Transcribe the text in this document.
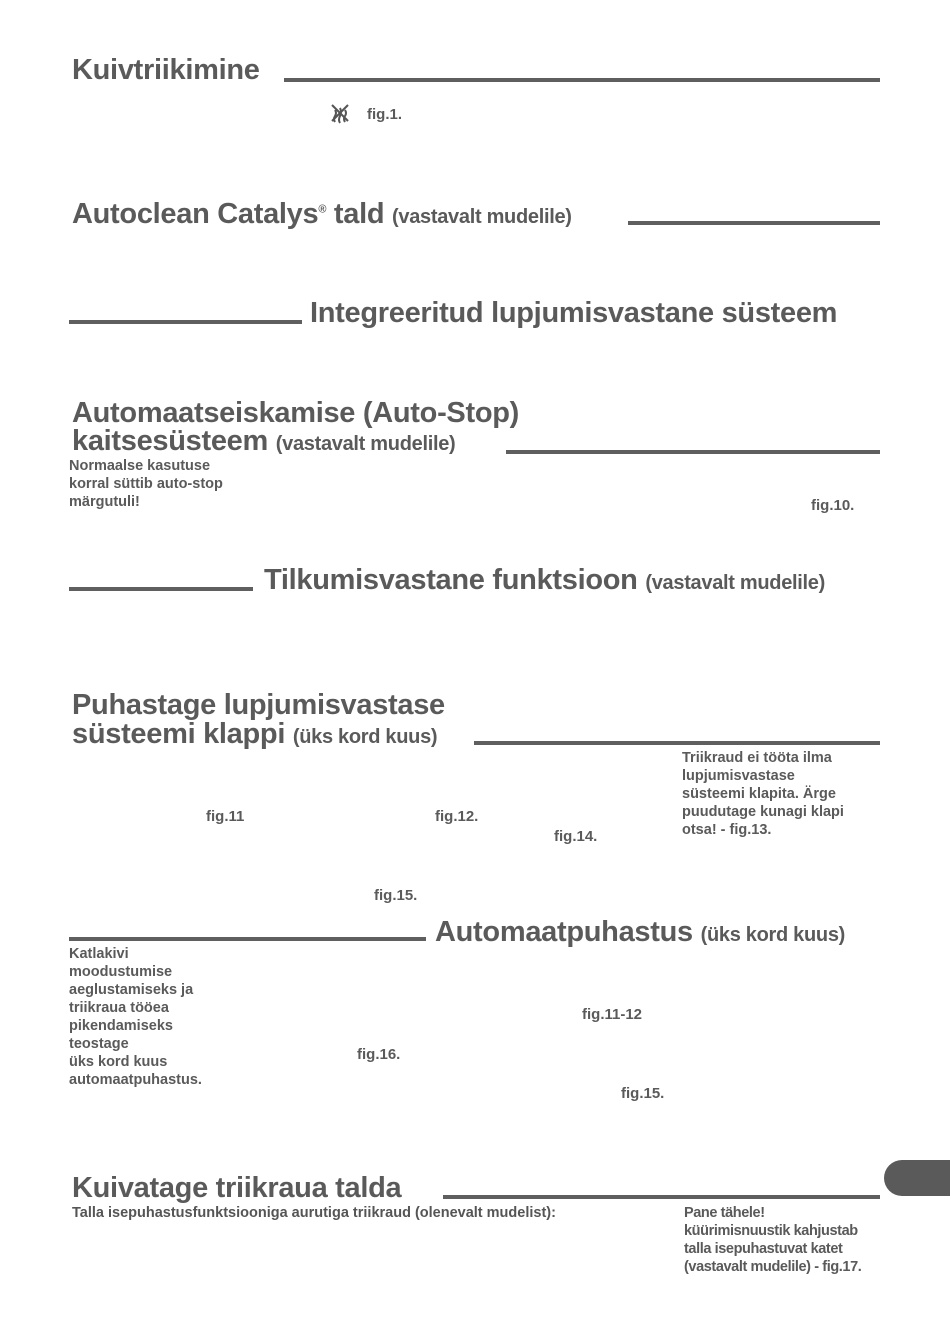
Kuivtriikimine
fig.1.
Autoclean Catalys® tald (vastavalt mudelile)
Integreeritud lupjumisvastane süsteem
Automaatseiskamise (Auto-Stop)
kaitsesüsteem (vastavalt mudelile)
Normaalse kasutuse
korral süttib auto-stop
märgutuli!	fig.10.
Tilkumisvastane funktsioon (vastavalt mudelile)
Puhastage lupjumisvastase
süsteemi klappi (üks kord kuus)
Triikraud ei tööta ilma
lupjumisvastase
süsteemi klapita. Ärge
puudutage kunagi klapi
otsa! - fig.13.
fig.11	fig.12.
fig.14.
fig.15.
Automaatpuhastus (üks kord kuus)
Katlakivi
moodustumise
aeglustamiseks ja
triikraua tööea
pikendamiseks
teostage
üks kord kuus
automaatpuhastus.
fig.11-12
fig.16.
fig.15.
Kuivatage triikraua talda
Talla isepuhastusfunktsiooniga aurutiga triikraud (olenevalt mudelist):	Pane tähele!
küürimisnuustik kahjustab
talla isepuhastuvat katet
(vastavalt mudelile) - fig.17.
